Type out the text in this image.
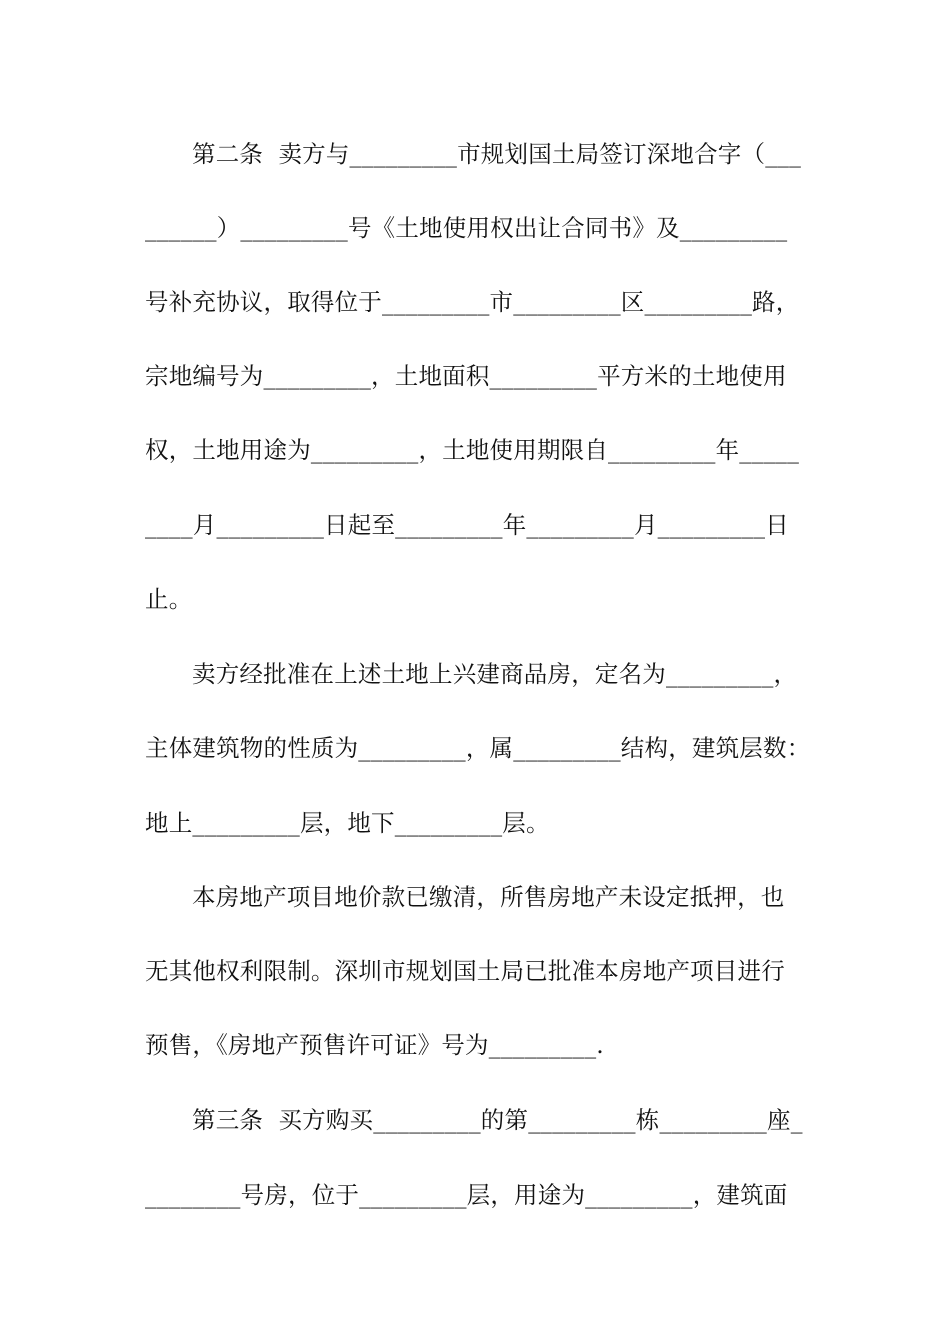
第二条  卖方与_________市规划国土局签订深地合字（___
______）_________号《土地使用权出让合同书》及_________
号补充协议，取得位于_________市_________区_________路，
宗地编号为_________，土地面积_________平方米的土地使用
权，土地用途为_________，土地使用期限自_________年_____
____月_________日起至_________年_________月_________日
止。
卖方经批准在上述土地上兴建商品房，定名为_________，
主体建筑物的性质为_________，属_________结构，建筑层数：
地上_________层，地下_________层。
本房地产项目地价款已缴清，所售房地产未设定抵押，也
无其他权利限制。深圳市规划国土局已批准本房地产项目进行
预售，《房地产预售许可证》号为_________.
第三条  买方购买_________的第_________栋_________座_
________号房，位于_________层，用途为_________，建筑面
